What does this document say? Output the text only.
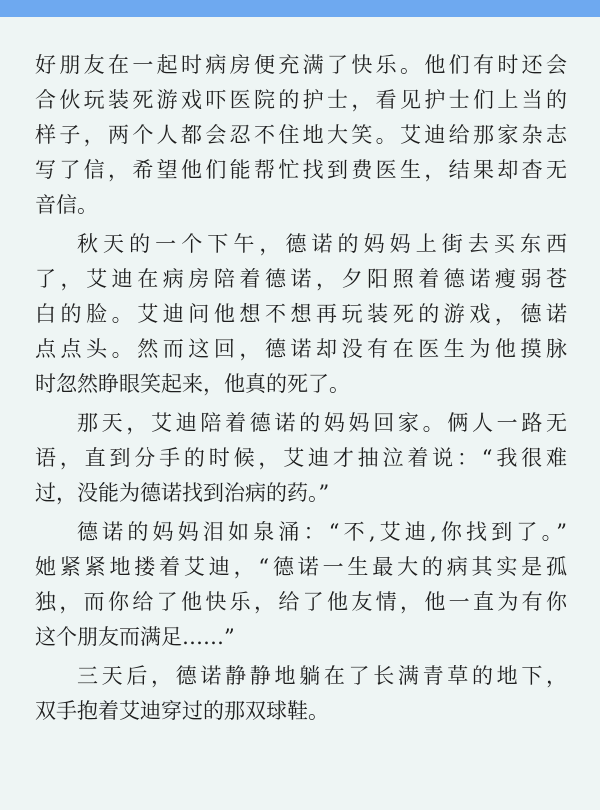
好朋友在一起时病房便充满了快乐。他们有时还会
合伙玩装死游戏吓医院的护士，看见护士们上当的
样子，两个人都会忍不住地大笑。艾迪给那家杂志
写了信，希望他们能帮忙找到费医生，结果却杳无
音信。
秋天的一个下午，德诺的妈妈上街去买东西
了，艾迪在病房陪着德诺，夕阳照着德诺瘦弱苍
白的脸。艾迪问他想不想再玩装死的游戏，德诺
点点头。然而这回，德诺却没有在医生为他摸脉
时忽然睁眼笑起来，他真的死了。
那天，艾迪陪着德诺的妈妈回家。俩人一路无
语，直到分手的时候，艾迪才抽泣着说：“我很难
过，没能为德诺找到治病的药。”
德诺的妈妈泪如泉涌：“不,艾迪,你找到了。”
她紧紧地搂着艾迪，“德诺一生最大的病其实是孤
独，而你给了他快乐，给了他友情，他一直为有你
这个朋友而满足……”
三天后，德诺静静地躺在了长满青草的地下，
双手抱着艾迪穿过的那双球鞋。
